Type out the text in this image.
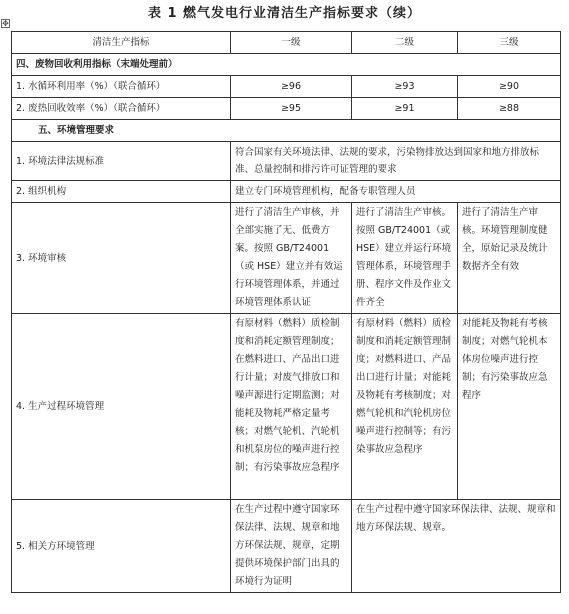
表 1 燃气发电行业清洁生产指标要求（续）
✥
清洁生产指标	一级	二级	三级
四、废物回收利用指标（末端处理前）			
1. 水循环利用率（%）（联合循环）	≥96	≥93	≥90
2. 废热回收效率（%）（联合循环）	≥95	≥91	≥88
五、环境管理要求			
1. 环境法律法规标准	符合国家有关环境法律、法规的要求，污染物排放达到国家和地方排放标准、总量控制和排污许可证管理的要求		
2. 组织机构	建立专门环境管理机构，配备专职管理人员		
3. 环境审核	进行了清洁生产审核，并全部实施了无、低费方案。按照 GB/T24001（或 HSE）建立并有效运行环境管理体系，并通过环境管理体系认证	进行了清洁生产审核。按照 GB/T24001（或 HSE）建立并运行环境管理体系，环境管理手册、程序文件及作业文件齐全	进行了清洁生产审核。环境管理制度健全，原始记录及统计数据齐全有效
4. 生产过程环境管理	有原材料（燃料）质检制度和消耗定额管理制度；在燃料进口、产品出口进行计量；对废气排放口和噪声源进行定期监测；对能耗及物耗严格定量考核；对燃气轮机、汽轮机和机泵房位的噪声进行控制；有污染事故应急程序	有原材料（燃料）质检制度和消耗定额管理制度；对燃料进口、产品出口进行计量；对能耗及物耗有考核制度；对燃气轮机和汽轮机房位噪声进行控制等；有污染事故应急程序	对能耗及物耗有考核制度；对燃气轮机本体房位噪声进行控制；有污染事故应急程序
5. 相关方环境管理	在生产过程中遵守国家环保法律、法规、规章和地方环保法规、规章，定期提供环境保护部门出具的环境行为证明	在生产过程中遵守国家环保法律、法规、规章和地方环保法规、规章。	
